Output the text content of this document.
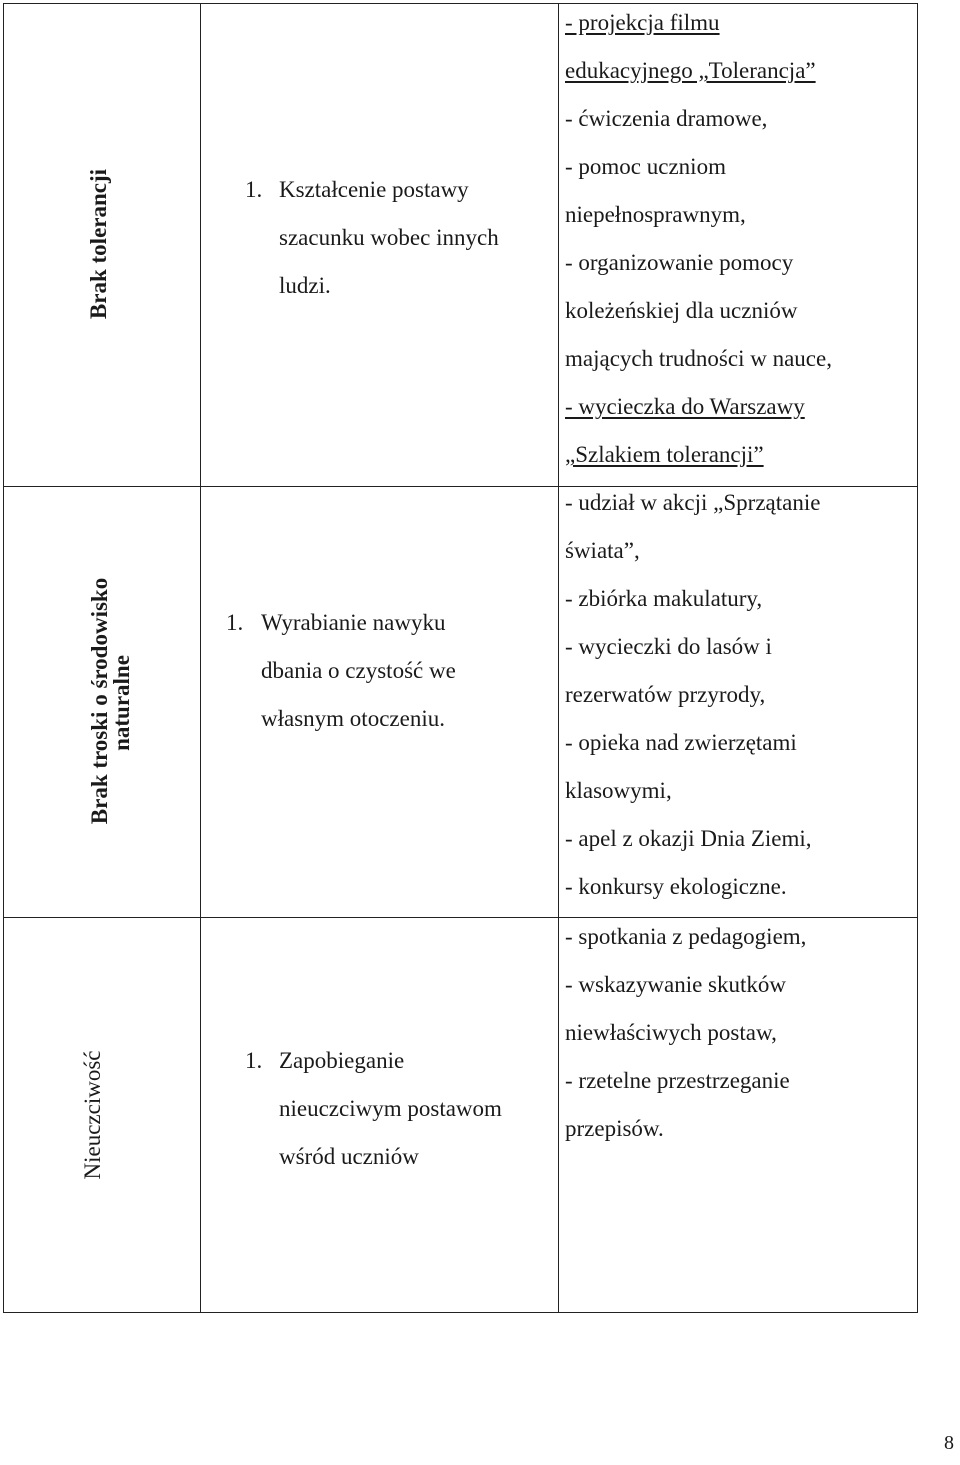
Brak tolerancji	1. Kształcenie postawy
szacunku wobec innych
ludzi.
- projekcja filmu
edukacyjnego „Tolerancja”
- ćwiczenia dramowe,
- pomoc uczniom
niepełnosprawnym,
- organizowanie pomocy
koleżeńskiej dla uczniów
mających trudności w nauce,
- wycieczka do Warszawy
„Szlakiem tolerancji”
Brak troski o środowisko
naturalne
1. Wyrabianie nawyku
dbania o czystość we
własnym otoczeniu.
- udział w akcji „Sprzątanie
świata”,
- zbiórka makulatury,
- wycieczki do lasów i
rezerwatów przyrody,
- opieka nad zwierzętami
klasowymi,
- apel z okazji Dnia Ziemi,
- konkursy ekologiczne.
Nieuczciwość	1. Zapobieganie
nieuczciwym postawom
wśród uczniów
- spotkania z pedagogiem,
- wskazywanie skutków
niewłaściwych postaw,
- rzetelne przestrzeganie
przepisów.
8
